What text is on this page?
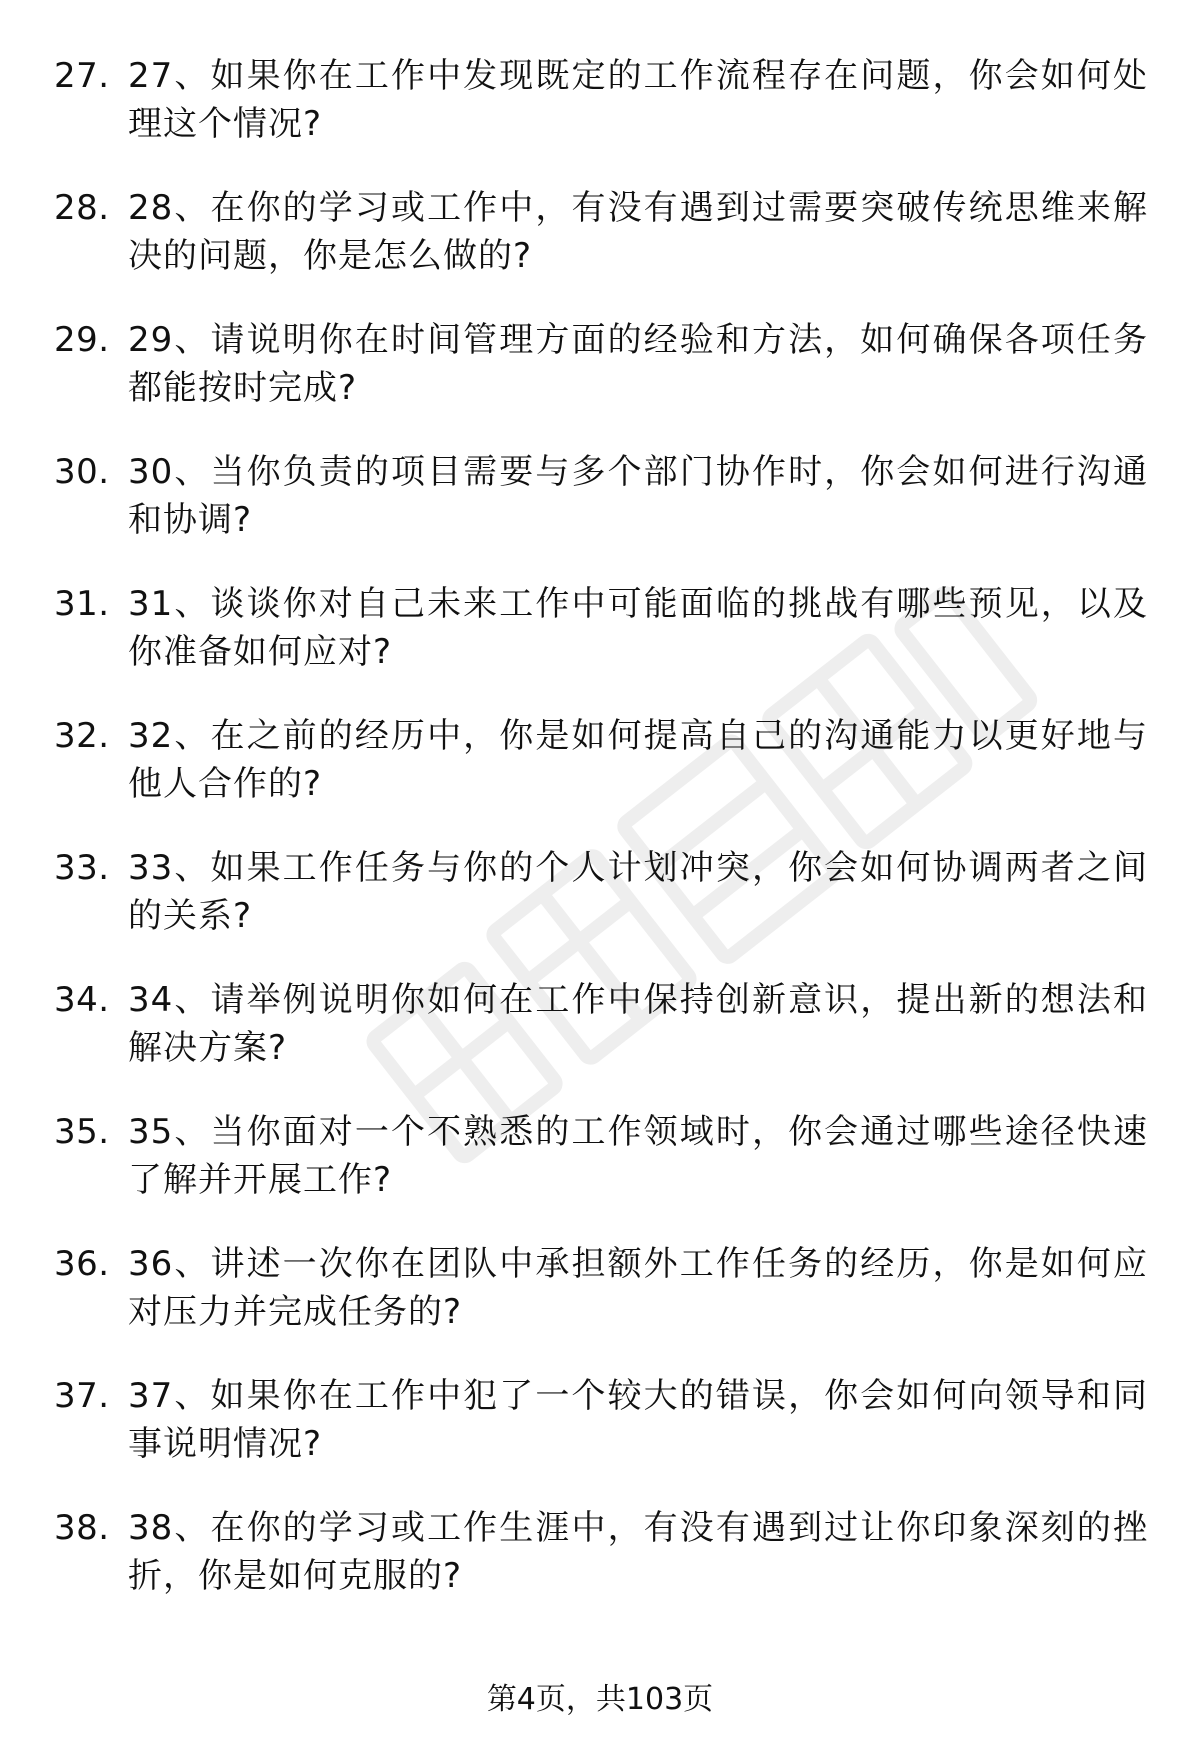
27. 27、如果你在工作中发现既定的工作流程存在问题，你会如何处理这个情况?
28. 28、在你的学习或工作中，有没有遇到过需要突破传统思维来解决的问题，你是怎么做的?
29. 29、请说明你在时间管理方面的经验和方法，如何确保各项任务都能按时完成?
30. 30、当你负责的项目需要与多个部门协作时，你会如何进行沟通和协调?
31. 31、谈谈你对自己未来工作中可能面临的挑战有哪些预见，以及你准备如何应对?
32. 32、在之前的经历中，你是如何提高自己的沟通能力以更好地与他人合作的?
33. 33、如果工作任务与你的个人计划冲突，你会如何协调两者之间的关系?
34. 34、请举例说明你如何在工作中保持创新意识，提出新的想法和解决方案?
35. 35、当你面对一个不熟悉的工作领域时，你会通过哪些途径快速了解并开展工作?
36. 36、讲述一次你在团队中承担额外工作任务的经历，你是如何应对压力并完成任务的?
37. 37、如果你在工作中犯了一个较大的错误，你会如何向领导和同事说明情况?
38. 38、在你的学习或工作生涯中，有没有遇到过让你印象深刻的挫折，你是如何克服的?
第4页，共103页
